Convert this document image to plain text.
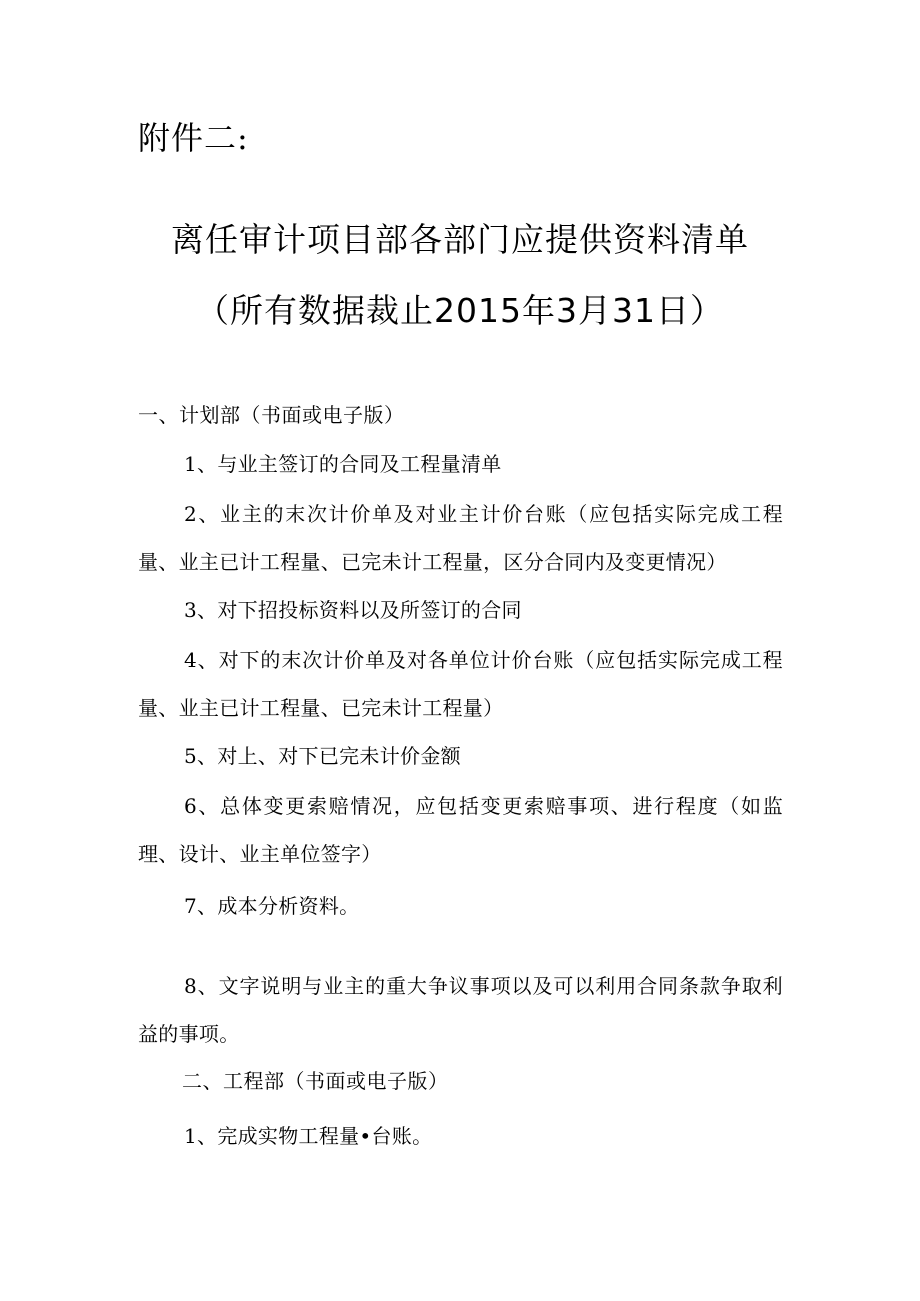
附件二:
离任审计项目部各部门应提供资料清单
（所有数据裁止2015年3月31日）
一、计划部（书面或电子版）
1、与业主签订的合同及工程量清单
2、业主的末次计价单及对业主计价台账（应包括实际完成工程量、业主已计工程量、已完未计工程量，区分合同内及变更情况）
3、对下招投标资料以及所签订的合同
4、对下的末次计价单及对各单位计价台账（应包括实际完成工程量、业主已计工程量、已完未计工程量）
5、对上、对下已完未计价金额
6、总体变更索赔情况，应包括变更索赔事项、进行程度（如监理、设计、业主单位签字）
7、成本分析资料。
8、文字说明与业主的重大争议事项以及可以利用合同条款争取利益的事项。
二、工程部（书面或电子版）
1、完成实物工程量•台账。
